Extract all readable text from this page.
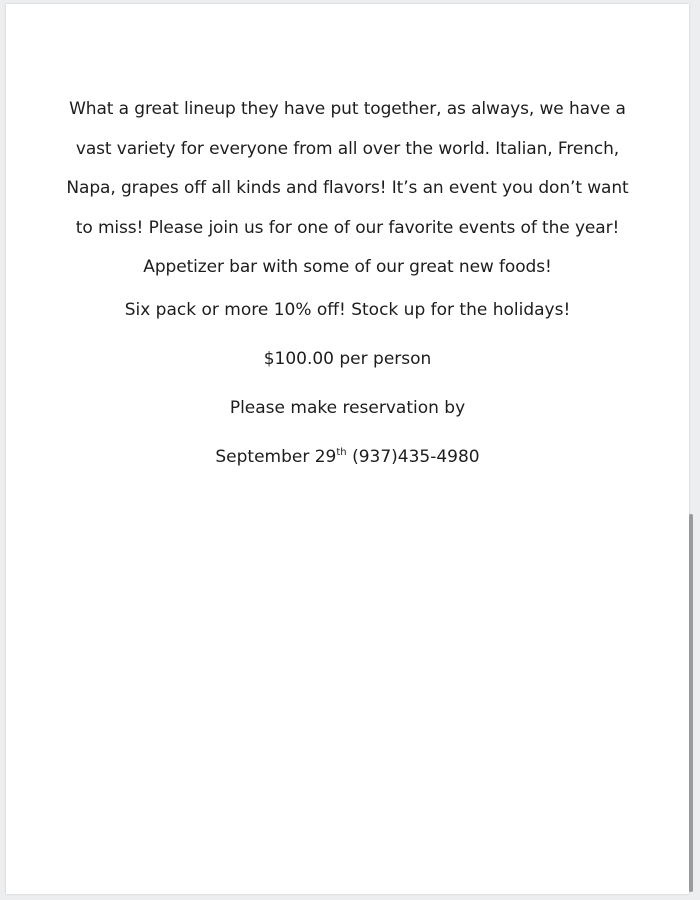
What a great lineup they have put together, as always, we have a vast variety for everyone from all over the world. Italian, French, Napa, grapes off all kinds and flavors! It’s an event you don’t want to miss! Please join us for one of our favorite events of the year! Appetizer bar with some of our great new foods!
Six pack or more 10% off! Stock up for the holidays!
$100.00 per person
Please make reservation by
September 29th (937)435-4980
